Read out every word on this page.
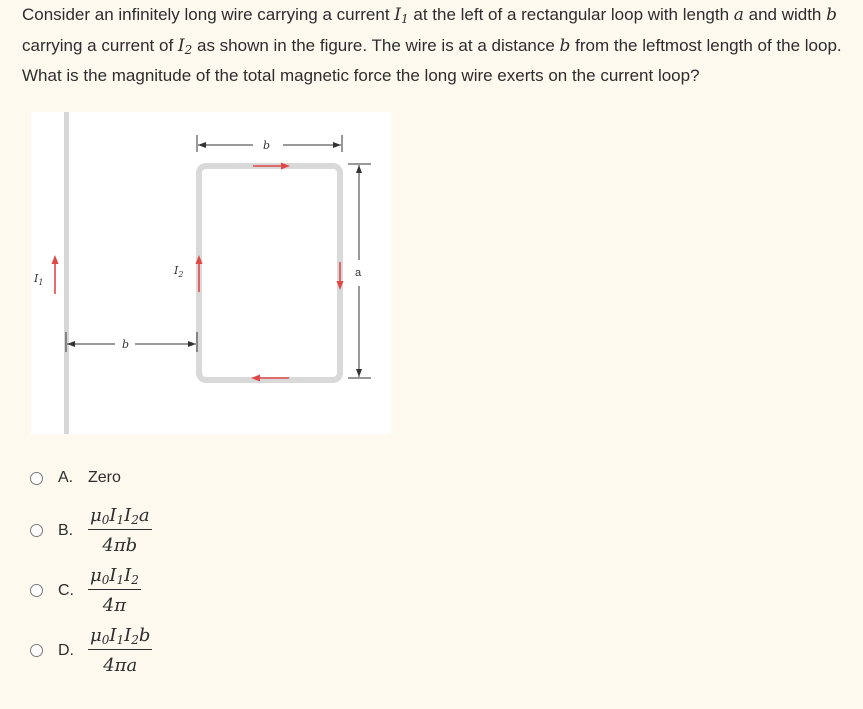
Consider an infinitely long wire carrying a current $I_1$ at the left of a rectangular loop with length a and width b carrying a current of $I_2$ as shown in the figure. The wire is at a distance b from the leftmost length of the loop. What is the magnitude of the total magnetic force the long wire exerts on the current loop?

$I_1$
$I_2$
b
b
a
A. Zero
B. $\frac{\mu_0I_1I_2a}{4\pi b}$
C. $\frac{\mu_0I_1I_2}{4\pi}$
D. $\frac{\mu_0I_1I_2b}{4\pi a}$
